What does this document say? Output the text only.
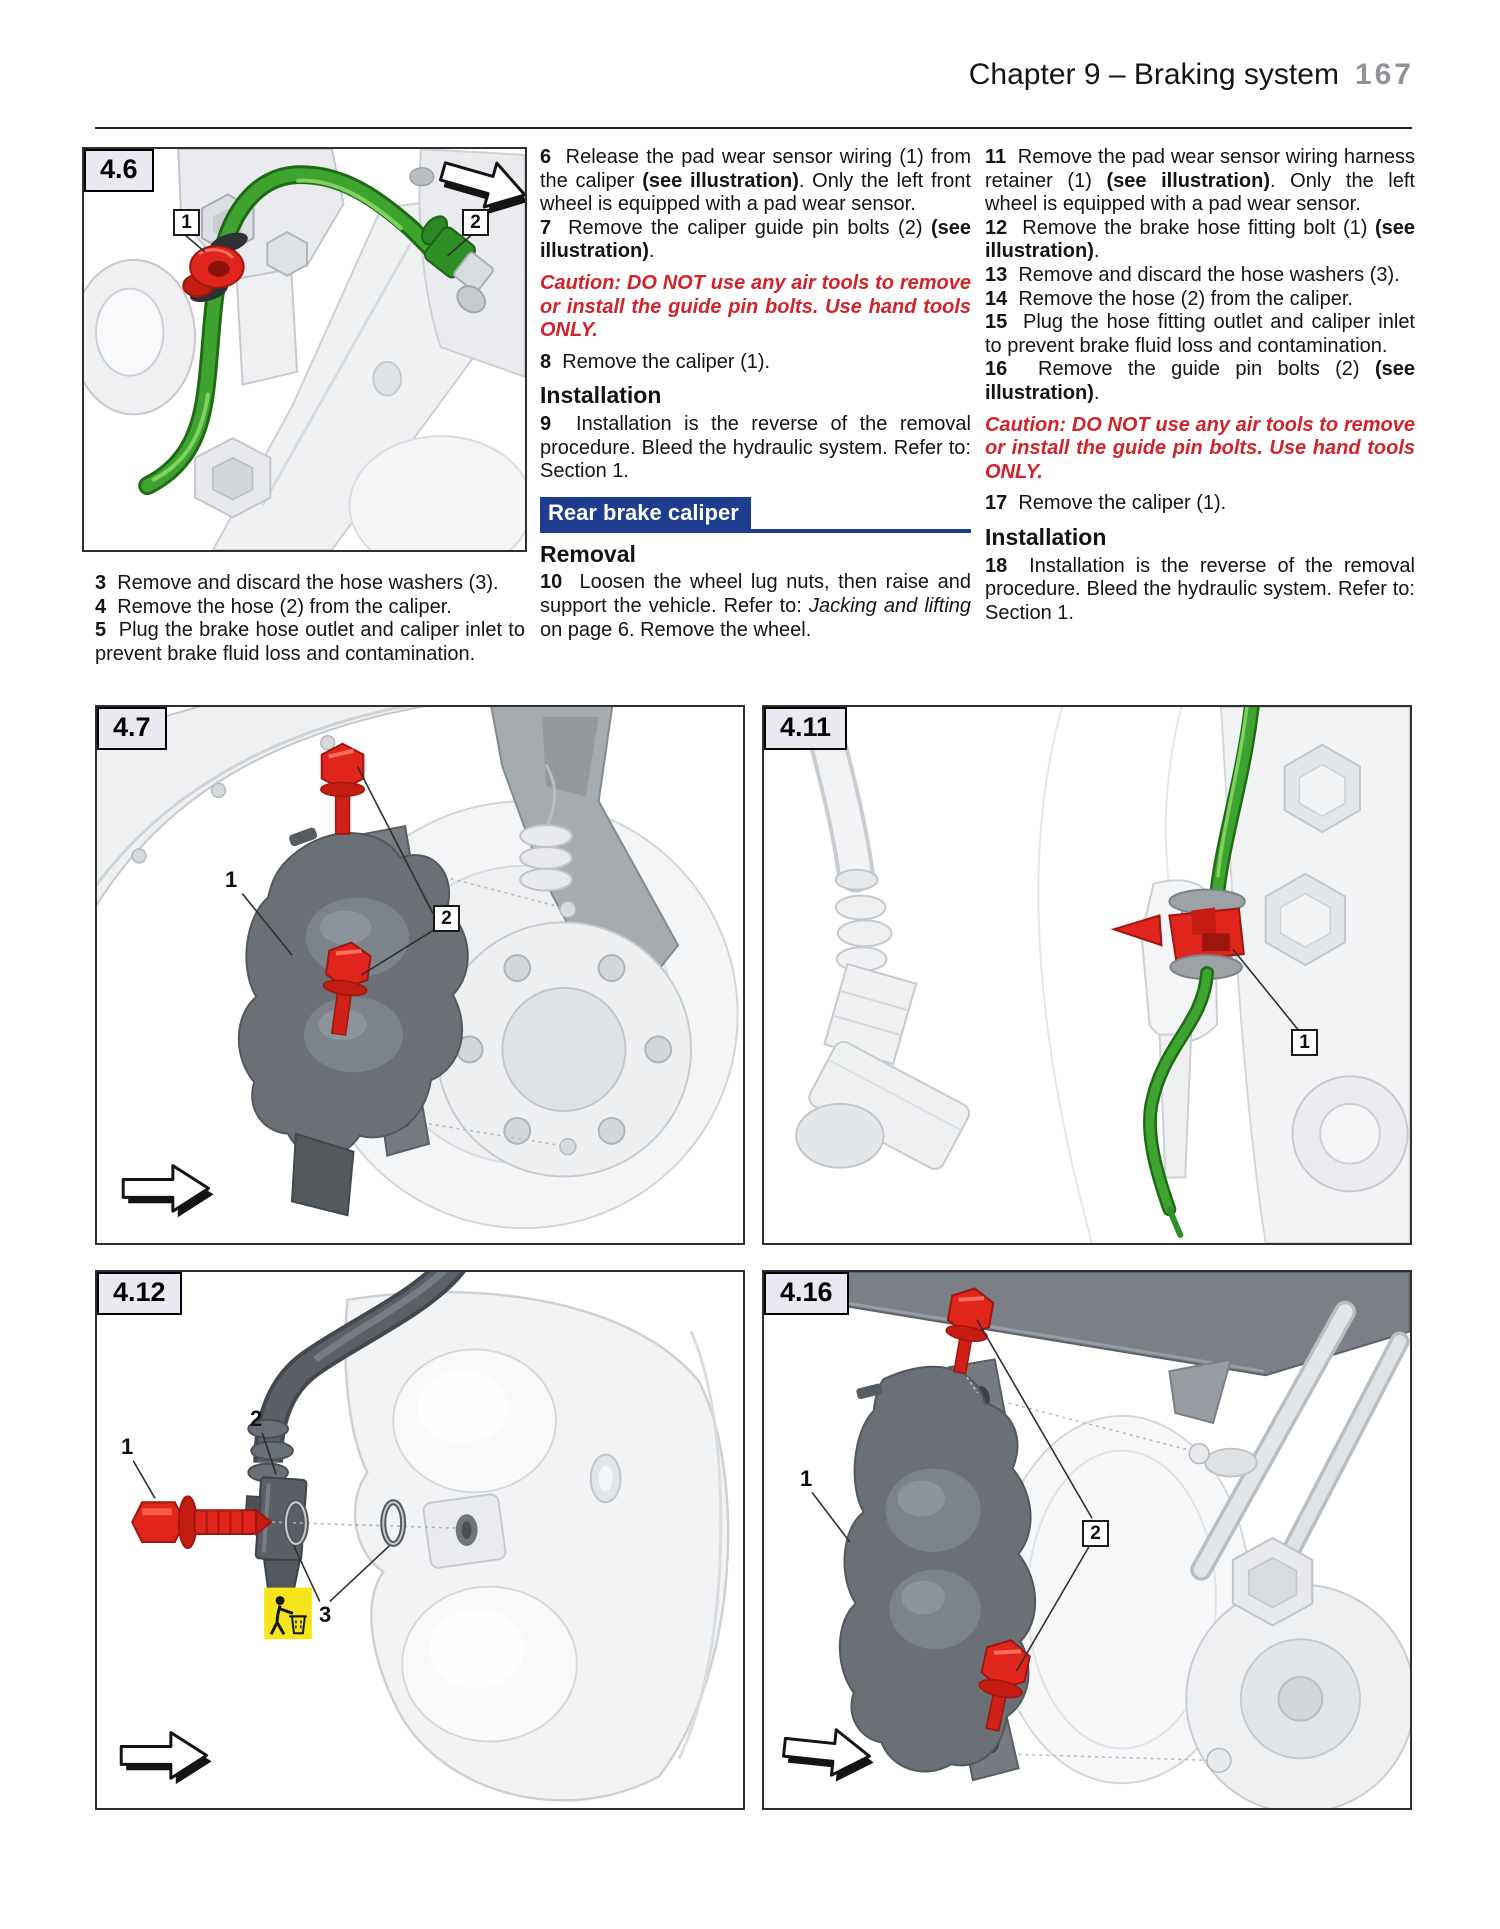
Chapter 9 – Braking system 167
4.6
1	2

3  Remove and discard the hose washers (3).

4  Remove the hose (2) from the caliper.

5  Plug the brake hose outlet and caliper inlet to prevent brake fluid loss and contamination.

6  Release the pad wear sensor wiring (1) from the caliper (see illustration). Only the left front wheel is equipped with a pad wear sensor.

7  Remove the caliper guide pin bolts (2) (see illustration).

Caution: DO NOT use any air tools to remove or install the guide pin bolts. Use hand tools ONLY.

8  Remove the caliper (1).

Installation

9  Installation is the reverse of the removal procedure. Bleed the hydraulic system. Refer to: Section 1.

Rear brake caliper
Removal

10  Loosen the wheel lug nuts, then raise and support the vehicle. Refer to: Jacking and lifting on page 6. Remove the wheel.

11  Remove the pad wear sensor wiring harness retainer (1) (see illustration). Only the left wheel is equipped with a pad wear sensor.

12  Remove the brake hose fitting bolt (1) (see illustration).

13  Remove and discard the hose washers (3).

14  Remove the hose (2) from the caliper.

15  Plug the hose fitting outlet and caliper inlet to prevent brake fluid loss and contamination.

16  Remove the guide pin bolts (2) (see illustration).

Caution: DO NOT use any air tools to remove or install the guide pin bolts. Use hand tools ONLY.

17  Remove the caliper (1).

Installation

18  Installation is the reverse of the removal procedure. Bleed the hydraulic system. Refer to: Section 1.

4.7
1
2
4.11
1
4.12
1
2
3
4.16
1
2
